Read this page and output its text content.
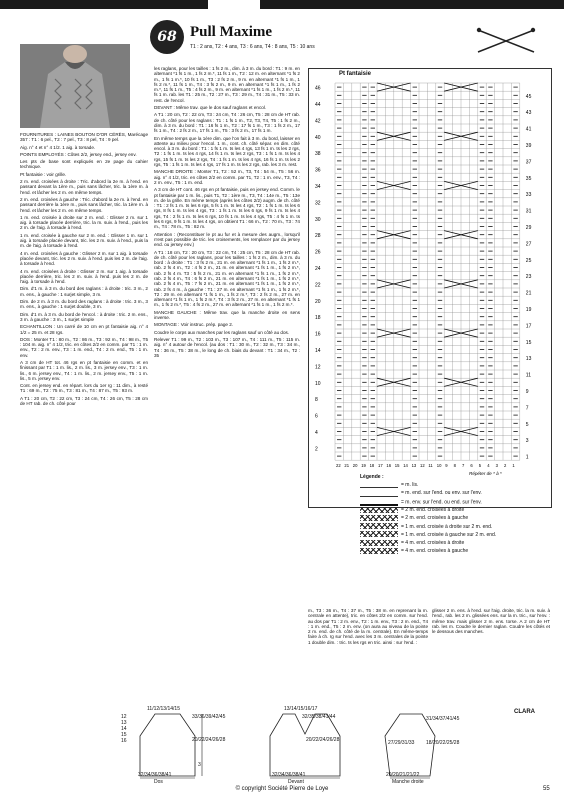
68 Pull Maxime
T1 : 2 ans, T2 : 4 ans, T3 : 6 ans, T4 : 8 ans, T5 : 10 ans

FOURNITURES : LAINES BOUTON D'OR CÉRÈS, Marécage 357 : T1 : 6 pel., T2 : 7 pel., T3 : 8 pel, T4 : 9 pel.

Aig. n° 4 et n° 4 1/2. 1 aig. à torsade.

POINTS EMPLOYÉS : Côtes 2/2, jersey end., jersey env.

Les pts de base sont expliqués en 2e page du cahier technique.

Pt fantaisie : voir grille.

2 m. end. croisées à droite : Tric. d'abord la 2e m. à l'end. en passant devant la 1ère m., puis sans lâcher, tric. la 1ère m. à l'end. et lâcher les 2 m. en même temps.

2 m. end. croisées à gauche : Tric. d'abord la 2e m. à l'end. en passant derrière la 1ère m., puis sans lâcher, tric. la 1ère m. à l'end. et lâcher les 2 m. en même temps.

1 m. end. croisée à droite sur 2 m. end. : Glisser 2 m. sur 1 aig. à torsade placée derrière, tric. la m. suiv. à l'end., puis les 2 m. de l'aig. à torsade à l'end.

1 m. end. croisée à gauche sur 2 m. end. : Glisser 1 m. sur 1 aig. à torsade placée devant, tric. les 2 m. suiv. à l'end., puis la m. de l'aig. à torsade à l'end.

4 m. end. croisées à gauche : Glisser 2 m. sur 1 aig. à torsade placée devant, tric. les 2 m. suiv. à l'end. puis les 2 m. de l'aig. à torsade à l'end.

4 m. end. croisées à droite : Glisser 2 m. sur 1 aig. à torsade placée derrière, tric. les 2 m. suiv. à l'end. puis les 2 m. de l'aig. à torsade à l'end.

Dim. d'1 m. à 3 m. du bord des raglans : à droite : tric. 3 m., 2 m. ens., à gauche : 1 surjet simple, 3 m.

Dim. de 2 m. à 3 m. du bord des raglans : à droite : tric. 3 m., 3 m. ens., à gauche : 1 surjet double, 3 m.

Dim. d'1 m. à 3 m. du bord de l'encol. : à droite : tric. 2 m. ens., 3 m. à gauche : 3 m., 1 surjet simple

ECHANTILLON : Un carré de 10 cm en pt fantaisie aig. n° 4 1/2 = 25 m. et 28 rgs.

DOS : Monter T1 : 80 m., T2 : 86 m., T3 : 92 m., T4 : 98 m., T5 : 104 m. aig. n° 4 1/2, tric. en côtes 2/2 en comm. par T1 : 1 m. env., T2 : 2 m. env., T3 : 1 m. end., T4 : 2 m. end., T5 : 1 m. env.

A 3 cm de HT tot. 46 rgs en pt fantaisie en comm. et en finissant par T1 : 1 m. lis., 2 m. lis., 3 m. jersey env., T3 : 1 m. lis., 6 m. jersey env., T4 : 1 m. lis., 2 m. jersey env., T5 : 1 m. lis., 5 m. jersey env.

Cont. en jersey end. en répart. lors du 1er rg : 11 dim., à resté T1 : 69 m., T2 : 75 m., T3 : 81 m., T4 : 87 m., T5 : 93 m.

A T1 : 20 cm, T2 : 22 cm, T3 : 24 cm, T4 : 26 cm, T5 : 28 cm de HT rab. de ch. côté pour

les raglans, pour les tailles : 1 fs 2 m., dim. à 3 m. du bord : T1 : 9 m. en alternant *1 fs 1 m., 1 fs 2 m.*, 11 fs 1 m., T2 : 12 m. en alternant *1 fs 2 m., 1 fs 1 m.*, 10 fs 1 m., T3 : 2 fs 2 m., 9 m. en alternant *1 fs 1 m., 1 fs 2 m.*, 11 fs 1 m., T4 : 3 fs 2 m., 9 m. en alternant *1 fs 1 m., 1 fs 2 m.*, 11 fs 1 m., T5 : 4 fs 2 m., 9 m. en alternant *1 fs 1 m., 1 fs 2 m.*, 11 fs 1 m. rab. les T1 : 25 m., T2 : 27 m., T3 : 29 m., T4 : 31 m., T5 : 33 m. rest. de l'encol.

DEVANT : Même trav. que le dos sauf raglans et encol.

A T1 : 20 cm, T2 : 22 cm, T3 : 24 cm, T4 : 26 cm, T5 : 28 cm de HT rab. de ch. côté pour les raglans : T1 : 1 fs 1 m., T2, T3, T4, T5 : 1 fs 2 m., dim. à 3 m. du bord : T1 : 16 fs 1 m., T2 : 17 fs 1 m., T3 : 1 fs 2 m., 17 fs 1 m., T4 : 2 fs 2 m., 17 fs 1 m., T5 : 3 fs 2 m., 17 fs 1 m.

En même temps que la 1ère dim. que l'on fait à 3 m. du bord, laisser en attente au milieu pour l'encol. 1 m., cont. ch. côté sépar. en dim. côté encol. à 3 m. du bord : T1 : 1 fs 1 m. ts les 4 rgs, 13 fs 1 m. ts les 2 rgs, T2 : 1 fs 1 m. ts les 4 rgs, 14 fs 1 m. ts les 2 rgs, T3 : 1 fs 1 m. ts les 4 rgs, 15 fs 1 m. ts les 2 rgs, T4 : 1 fs 1 m. ts les 4 rgs, 16 fs 1 m. ts les 2 rgs, T5 : 1 fs 1 m. ts les 4 rgs, 17 fs 1 m. ts les 2 rgs, rab. les 3 m. rest.

MANCHE DROITE : Monter T1, T2 : 52 m., T3, T4 : 54 m., T5 : 56 m. aig. n° 4 1/2, tric. en côtes 2/2 en comm. par T1, T2 : 1 m. env., T3, T4 : 2 m. env., T5 : 1 m. end.

A 3 cm de HT cont. 46 rgs en pt fantaisie, puis en jersey end. Comm. le pt fantaisie par 1 m. lis., puis T1, T2 : 1ère m., T3, T4 : 14e m., T5 : 13e m. de la grille. En même temps (après les côtes 2/2) augm. de ch. côté : T1 : 2 fs 1 m. ts les 6 rgs, 5 fs 1 m. ts les 4 rgs, T2 : 1 fs 1 m. ts les 6 rgs, 8 fs 1 m. ts les 4 rgs, T3 : 1 fs 1 m. ts les 6 rgs, 9 fs 1 m. ts les 4 rgs, T4 : 2 fs 1 m. ts les 6 rgs, 10 fs 1 m. ts les 4 rgs, T5 : 4 fs 1 m. ts les 6 rgs, 9 fs 1 m. ts les 4 rgs, on obtient T1 : 66 m., T2 : 70 m., T3 : 74 m., T4 : 78 m., T5 : 82 m.

Attention : (Reconstituer le pt au fur et à mesure des augm., lorsqu'il n'est pas possible de tric. les croisements, les remplacer par du jersey end. ou jersey env.)

A T1 : 18 cm, T2 : 20 cm, T3 : 22 cm, T4 : 25 cm, T5 : 28 cm de HT rab. de ch. côté pour les raglans, pour les tailles : 1 fs 2 m., dim. à 3 m. du bord : à droite : T1 : 3 fs 2 m., 21 m. en alternant *1 fs 1 m., 1 fs 2 m.*, rab. 2 fs 4 m., T2 : 4 fs 2 m., 21 m. en alternant *1 fs 1 m., 1 fs 2 m.*, rab. 2 fs 4 m. T3 : 5 fs 2 m., 21 m. en alternant *1 fs 1 m., 1 fs 2 m.*, rab. 2 fs 4 m., T4 : 6 fs 2 m., 21 m. en alternant *1 fs 1 m., 1 fs 2 m.*, rab. 2 fs 4 m., T5 : 7 fs 2 m., 21 m. en alternant *1 fs 1 m., 1 fs 2 m.*, rab. 2 fs 4 m., à gauche : T1 : 27 m. en alternant *1 fs 1 m., 1 fs 2 m.*, T2 : 29 m. en alternant *1 fs 1 m., 1 fs 2 m.*, T3 : 2 fs 2 m., 27 m. en alternant *1 fs 1 m., 1 fs 2 m.*, T4 : 3 fs 2 m., 27 m. en alternant *1 fs 1 m., 1 fs 2 m.*, T5 : 4 fs 2 m., 27 m. en alternant *1 fs 1 m., 1 fs 2 m.*.

MANCHE GAUCHE : Même trav. que la manche droite en sens inverse.

MONTAGE : Voir instruc. prép. page 2.

Coudre le corps aux manches par les raglans sauf un côté au dos.

Relever T1 : 99 m., T2 : 103 m., T3 : 107 m., T4 : 111 m., T5 : 115 m. aig. n° 4 autour de l'encol. (au dos : T1 : 30 m., T2 : 32 m., T3 : 34 m., T4 : 36 m., T5 : 38 m., le long de ch. biais du devant : T1 : 34 m., T2 : 35

m., T3 : 36 m., T4 : 37 m., T5 : 38 m. en reprenant la m. centrale en attente), tric. en côtes 2/2 en comm. sur l'end. au dos par T1 : 2 m. env., T2 : 1 m. env., T3 : 2 m. end., T4 : 1 m. end., T5 : 2 m. env. (on aura au niveau de la pointe 2 m. end. de ch. côté de la m. centrale). En même-temps faire à ch. rg sur l'end. avec les 3 m. centrales de la pointe 1 double dim. : tric. ts les rgs en tric. ainsi : sur l'end. :
glisser 2 m. ens. à l'end. sur l'aig. droite, tric. la m. suiv. à l'end., rab. les 2 m. glissées ens. sur la m. tric., sur l'env. : même trav. mais glisser 2 m. ens. torse. A 2 cm de HT rab. les m. Coudre le dernier raglan. Coudre les côtés et le dessous des manches.
CLARA
Pt fantaisie
46
44
42
40
38
36
34
32
30
28
26
24
22
20
18
16
14
12
10
8
6
4
2
45
43
41
39
37
35
33
31
29
27
25
23
21
19
17
15
13
11
9
7
5
3
1
22 21 20 19 18 17 16 15 14 13 12 11 10 9 8 7 6 5 4 3 2 1
Répéter de * à *
Légende :
= m. lis.
= m. end. sur l'end. ou env. sur l'env.
= m. env. sur l'end. ou end. sur l'env.
= 2 m. end. croisées à droite
= 2 m. end. croisées à gauche
= 1 m. end. croisée à droite sur 2 m. end.
= 1 m. end. croisée à gauche sur 2 m. end.
= 4 m. end. croisées à droite
= 4 m. end. croisées à gauche
11/12/13/14/15
33/36/39/42/45
20/22/24/26/28
32/34/36/38/41
Dos
3
12
13
14
15
16
13/14/15/16/17
32/35/38/41/44
20/22/24/26/28
32/34/36/38/41
Devant
31/34/37/41/45
27/29/31/33 18/20/22/25/28
20/20/21/21/22
Manche droite
© copyright Société Pierre de Loye	55
